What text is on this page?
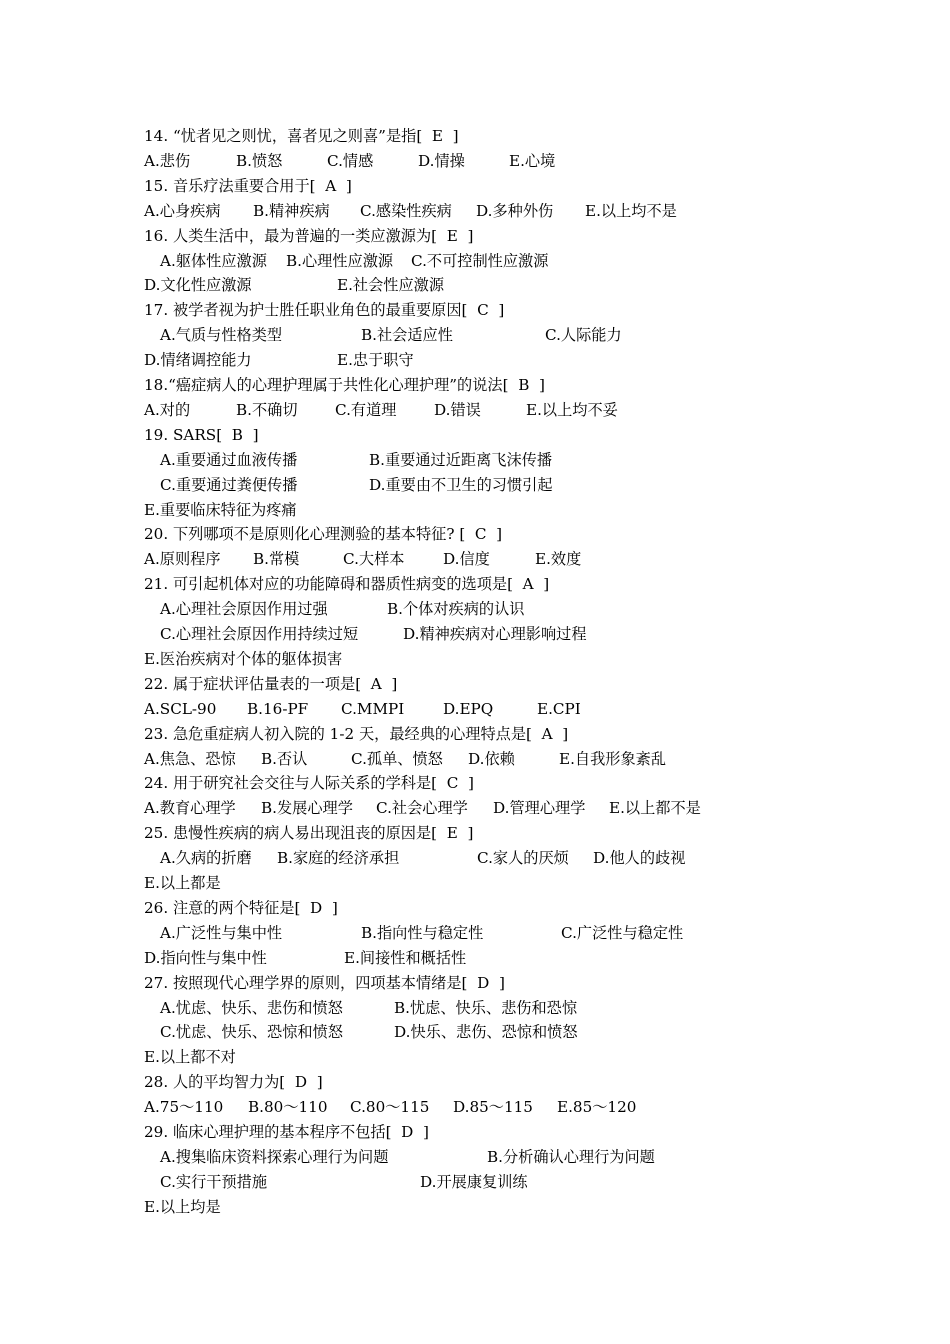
14. “忧者见之则忧，喜者见之则喜”是指[  E  ]
A.悲伤	B.愤怒	C.情感	D.情操	E.心境
15. 音乐疗法重要合用于[  A  ]
A.心身疾病 B.精神疾病 C.感染性疾病 D.多种外伤 E.以上均不是
16. 人类生活中，最为普遍的一类应激源为[  E  ]
A.躯体性应激源 B.心理性应激源 C.不可控制性应激源
D.文化性应激源	E.社会性应激源
17. 被学者视为护士胜任职业角色的最重要原因[  C  ]
A.气质与性格类型	B.社会适应性	C.人际能力
D.情绪调控能力	E.忠于职守
18.“癌症病人的心理护理属于共性化心理护理”的说法[  B  ]
A.对的	B.不确切 C.有道理 D.错误	E.以上均不妥
19. SARS[  B  ]
A.重要通过血液传播	B.重要通过近距离飞沫传播
C.重要通过粪便传播	D.重要由不卫生的习惯引起
E.重要临床特征为疼痛
20. 下列哪项不是原则化心理测验的基本特征? [  C  ]
A.原则程序 B.常模	C.大样本	D.信度	E.效度
21. 可引起机体对应的功能障碍和器质性病变的选项是[  A  ]
A.心理社会原因作用过强	B.个体对疾病的认识
C.心理社会原因作用持续过短	D.精神疾病对心理影响过程
E.医治疾病对个体的躯体损害
22. 属于症状评估量表的一项是[  A  ]
A.SCL-90 B.16-PF C.MMPI	D.EPQ	E.CPI
23. 急危重症病人初入院的 1-2 天，最经典的心理特点是[  A  ]
A.焦急、恐惊 B.否认	C.孤单、愤怒 D.依赖	E.自我形象紊乱
24. 用于研究社会交往与人际关系的学科是[  C  ]
A.教育心理学 B.发展心理学 C.社会心理学 D.管理心理学 E.以上都不是
25. 患慢性疾病的病人易出现沮丧的原因是[  E  ]
A.久病的折磨 B.家庭的经济承担	C.家人的厌烦 D.他人的歧视
E.以上都是
26. 注意的两个特征是[  D  ]
A.广泛性与集中性	B.指向性与稳定性	C.广泛性与稳定性
D.指向性与集中性	E.间接性和概括性
27. 按照现代心理学界的原则，四项基本情绪是[  D  ]
A.忧虑、快乐、悲伤和愤怒	B.忧虑、快乐、悲伤和恐惊
C.忧虑、快乐、恐惊和愤怒	D.快乐、悲伤、恐惊和愤怒
E.以上都不对
28. 人的平均智力为[  D  ]
A.75～110 B.80～110 C.80～115 D.85～115 E.85～120
29. 临床心理护理的基本程序不包括[  D  ]
A.搜集临床资料探索心理行为问题	B.分析确认心理行为问题
C.实行干预措施	D.开展康复训练
E.以上均是
